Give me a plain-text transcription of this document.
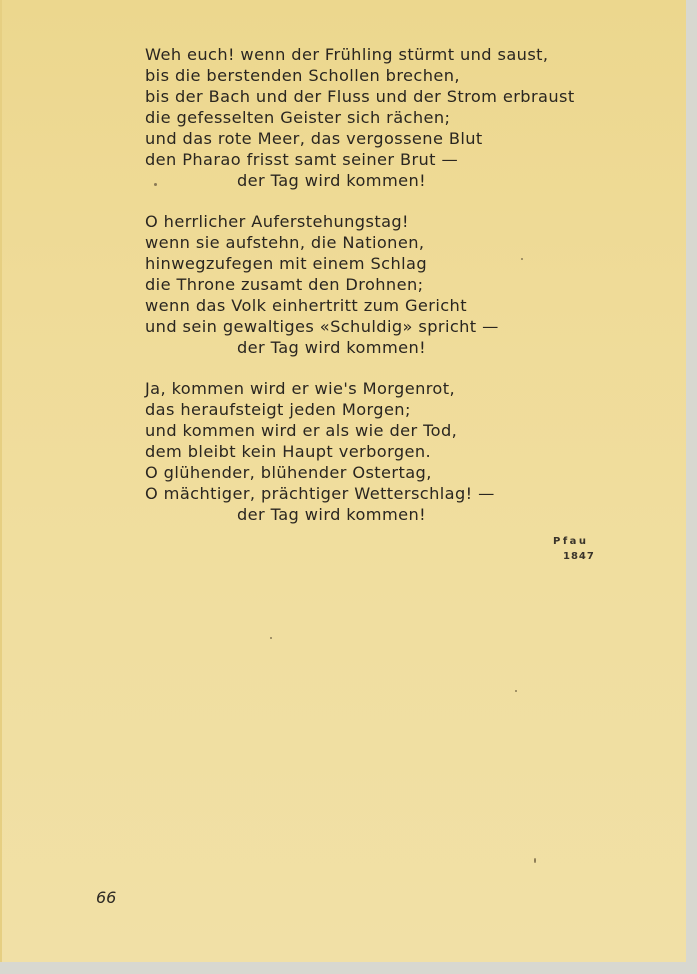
Weh euch! wenn der Frühling stürmt und saust,
bis die berstenden Schollen brechen,
bis der Bach und der Fluss und der Strom erbraust
die gefesselten Geister sich rächen;
und das rote Meer, das vergossene Blut
den Pharao frisst samt seiner Brut —
der Tag wird kommen!
O herrlicher Auferstehungstag!
wenn sie aufstehn, die Nationen,
hinwegzufegen mit einem Schlag
die Throne zusamt den Drohnen;
wenn das Volk einhertritt zum Gericht
und sein gewaltiges «Schuldig» spricht —
der Tag wird kommen!
Ja, kommen wird er wie's Morgenrot,
das heraufsteigt jeden Morgen;
und kommen wird er als wie der Tod,
dem bleibt kein Haupt verborgen.
O glühender, blühender Ostertag,
O mächtiger, prächtiger Wetterschlag! —
der Tag wird kommen!
Pfau
1847
66
